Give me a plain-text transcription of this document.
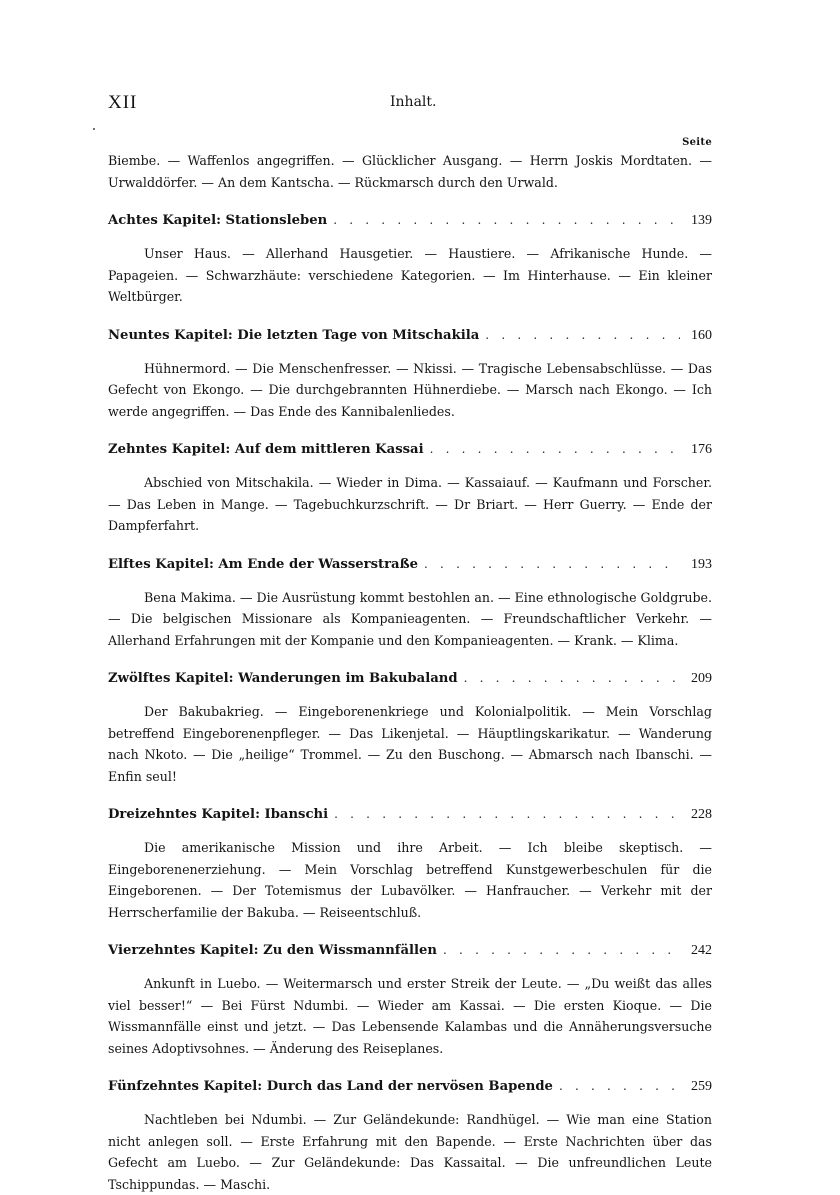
XII	Inhalt.
Seite

Biembe. — Waffenlos angegriffen. — Glücklicher Ausgang. — Herrn Joskis Mordtaten. — Urwalddörfer. — An dem Kantscha. — Rückmarsch durch den Urwald.

Achtes Kapitel: Stationsleben . . .	139

Unser Haus. — Allerhand Hausgetier. — Haustiere. — Afrikanische Hunde. — Papageien. — Schwarzhäute: verschiedene Kategorien. — Im Hinterhause. — Ein kleiner Weltbürger.

Neuntes Kapitel: Die letzten Tage von Mitschakila . . .	160

Hühnermord. — Die Menschenfresser. — Nkissi. — Tragische Lebensabschlüsse. — Das Gefecht von Ekongo. — Die durchgebrannten Hühnerdiebe. — Marsch nach Ekongo. — Ich werde angegriffen. — Das Ende des Kannibalenliedes.

Zehntes Kapitel: Auf dem mittleren Kassai . . .	176

Abschied von Mitschakila. — Wieder in Dima. — Kassaiauf. — Kaufmann und Forscher. — Das Leben in Mange. — Tagebuchkurzschrift. — Dr Briart. — Herr Guerry. — Ende der Dampferfahrt.

Elftes Kapitel: Am Ende der Wasserstraße . . .	193

Bena Makima. — Die Ausrüstung kommt bestohlen an. — Eine ethnologische Goldgrube. — Die belgischen Missionare als Kompanieagenten. — Freundschaftlicher Verkehr. — Allerhand Erfahrungen mit der Kompanie und den Kompanieagenten. — Krank. — Klima.

Zwölftes Kapitel: Wanderungen im Bakubaland . . .	209

Der Bakubakrieg. — Eingeborenenkriege und Kolonialpolitik. — Mein Vorschlag betreffend Eingeborenenpfleger. — Das Likenjetal. — Häuptlingskarikatur. — Wanderung nach Nkoto. — Die „heilige“ Trommel. — Zu den Buschong. — Abmarsch nach Ibanschi. — Enfin seul!

Dreizehntes Kapitel: Ibanschi . . .	228

Die amerikanische Mission und ihre Arbeit. — Ich bleibe skeptisch. — Eingeborenenerziehung. — Mein Vorschlag betreffend Kunstgewerbeschulen für die Eingeborenen. — Der Totemismus der Lubavölker. — Hanfraucher. — Verkehr mit der Herrscherfamilie der Bakuba. — Reiseentschluß.

Vierzehntes Kapitel: Zu den Wissmannfällen . . .	242

Ankunft in Luebo. — Weitermarsch und erster Streik der Leute. — „Du weißt das alles viel besser!“ — Bei Fürst Ndumbi. — Wieder am Kassai. — Die ersten Kioque. — Die Wissmannfälle einst und jetzt. — Das Lebensende Kalambas und die Annäherungsversuche seines Adoptivsohnes. — Änderung des Reiseplanes.

Fünfzehntes Kapitel: Durch das Land der nervösen Bapende . . .	259

Nachtleben bei Ndumbi. — Zur Geländekunde: Randhügel. — Wie man eine Station nicht anlegen soll. — Erste Erfahrung mit den Bapende. — Erste Nachrichten über das Gefecht am Luebo. — Zur Geländekunde: Das Kassaital. — Die unfreundlichen Leute Tschippundas. — Maschi.
